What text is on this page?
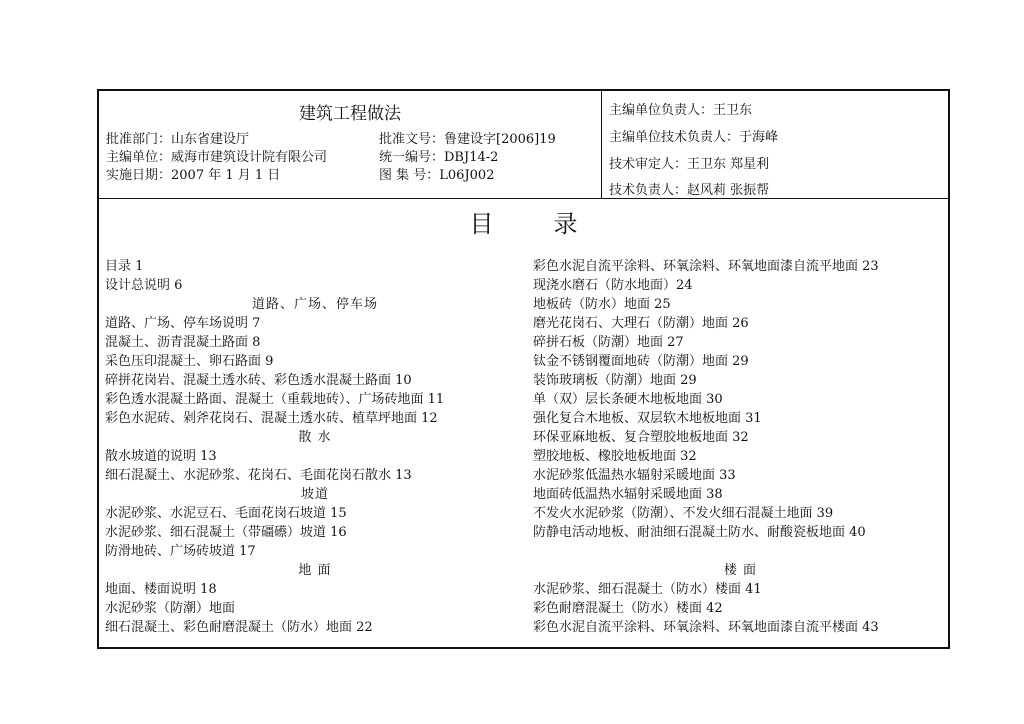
建筑工程做法
批准部门：山东省建设厅
主编单位：威海市建筑设计院有限公司
实施日期：2007 年 1 月 1 日
批准文号：鲁建设字[2006]19
统一编号：DBJ14-2
图 集 号：L06J002
主编单位负责人：王卫东
主编单位技术负责人：于海峰
技术审定人：王卫东 郑星利
技术负责人：赵风莉 张振帮
目录
目录 1
设计总说明 6
道路、广场、停车场
道路、广场、停车场说明 7
混凝土、沥青混凝土路面 8
采色压印混凝土、卵石路面 9
碎拼花岗岩、混凝土透水砖、彩色透水混凝土路面 10
彩色透水混凝土路面、混凝土（重载地砖）、广场砖地面 11
彩色水泥砖、剁斧花岗石、混凝土透水砖、植草坪地面 12
散 水
散水坡道的说明 13
细石混凝土、水泥砂浆、花岗石、毛面花岗石散水 13
坡道
水泥砂浆、水泥豆石、毛面花岗石坡道 15
水泥砂浆、细石混凝土（带礓礤）坡道 16
防滑地砖、广场砖坡道 17
地 面
地面、楼面说明 18
水泥砂浆（防潮）地面
细石混凝土、彩色耐磨混凝土（防水）地面 22
彩色水泥自流平涂料、环氧涂料、环氧地面漆自流平地面 23
现浇水磨石（防水地面）24
地板砖（防水）地面 25
磨光花岗石、大理石（防潮）地面 26
碎拼石板（防潮）地面 27
钛金不锈钢覆面地砖（防潮）地面 29
装饰玻璃板（防潮）地面 29
单（双）层长条硬木地板地面 30
强化复合木地板、双层软木地板地面 31
环保亚麻地板、复合塑胶地板地面 32
塑胶地板、橡胶地板地面 32
水泥砂浆低温热水辐射采暖地面 33
地面砖低温热水辐射采暖地面 38
不发火水泥砂浆（防潮）、不发火细石混凝土地面 39
防静电活动地板、耐油细石混凝土防水、耐酸瓷板地面 40
楼 面
水泥砂浆、细石混凝土（防水）楼面 41
彩色耐磨混凝土（防水）楼面 42
彩色水泥自流平涂料、环氧涂料、环氧地面漆自流平楼面 43
